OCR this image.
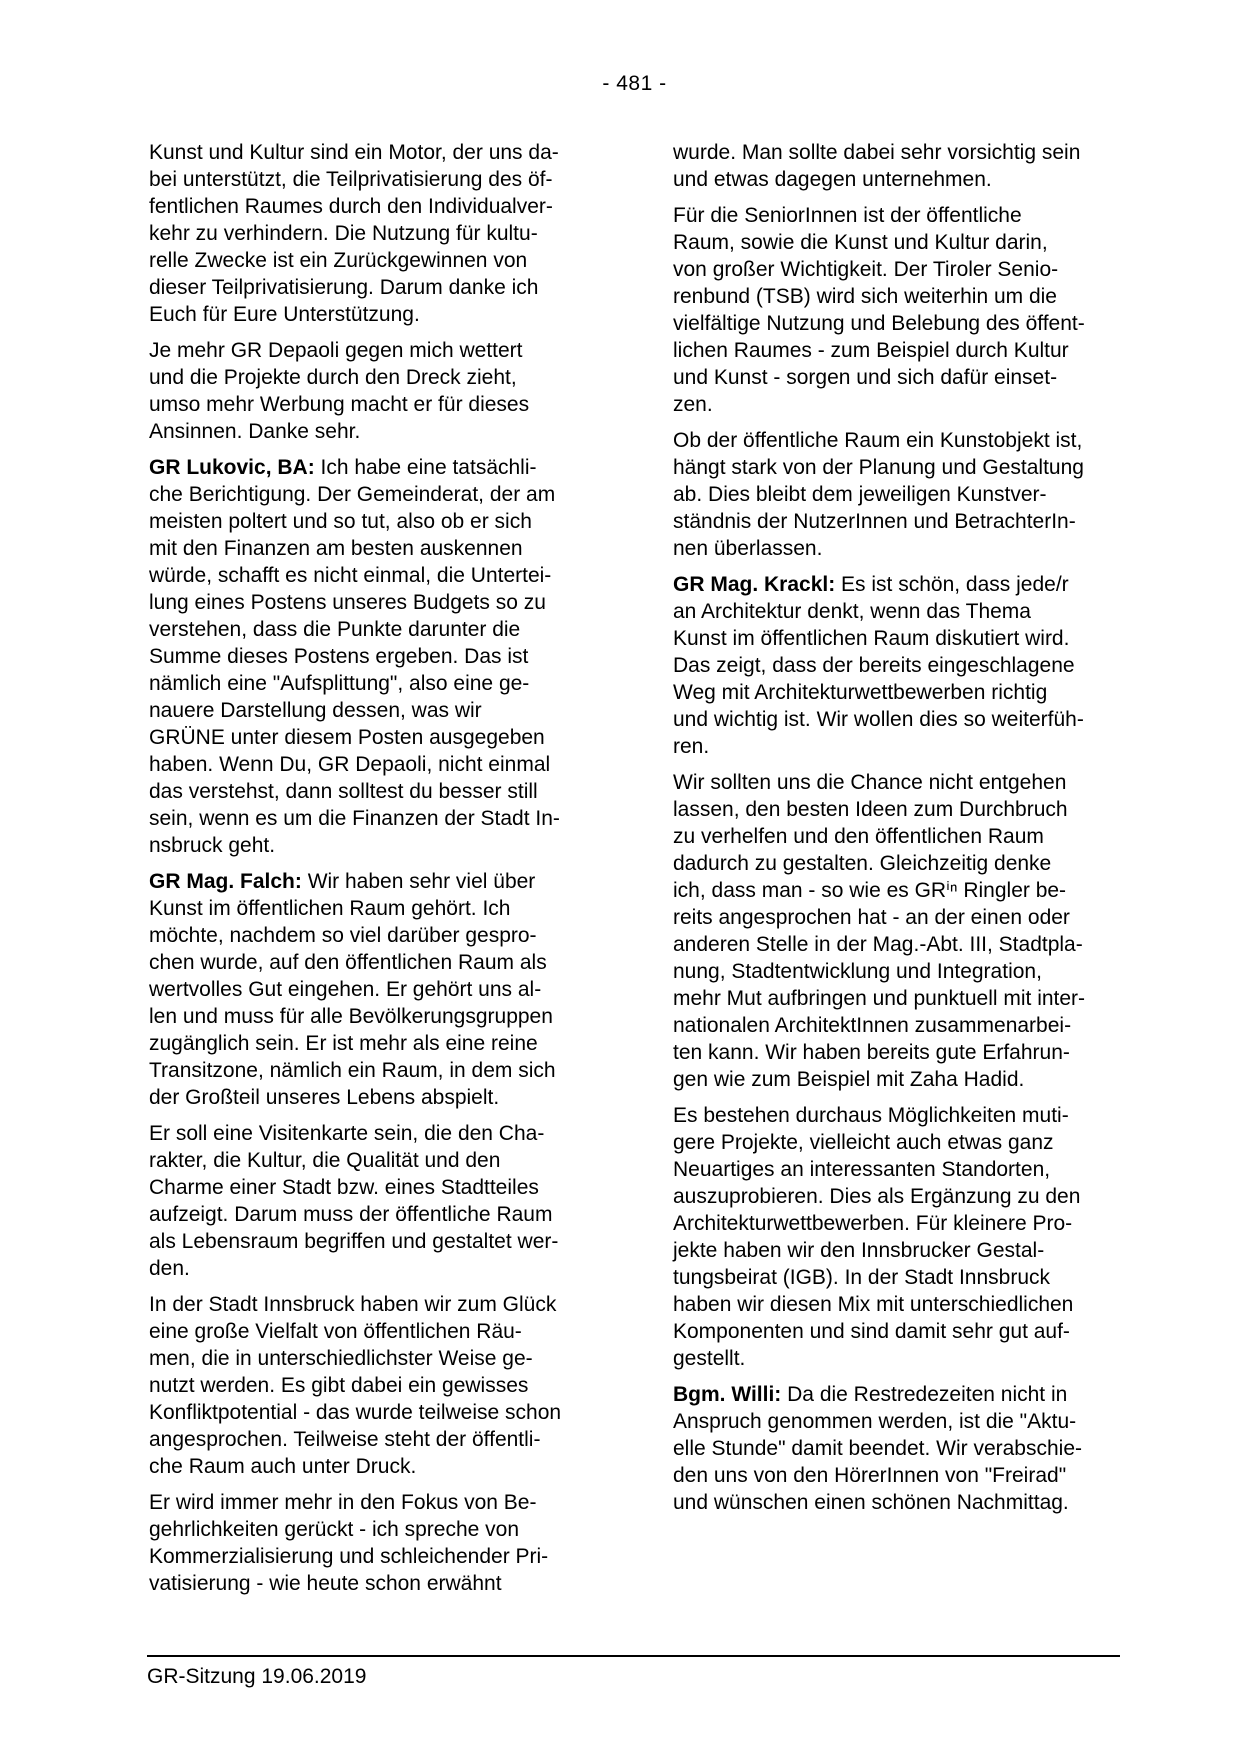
- 481 -

Kunst und Kultur sind ein Motor, der uns da-
bei unterstützt, die Teilprivatisierung des öf-
fentlichen Raumes durch den Individualver-
kehr zu verhindern. Die Nutzung für kultu-
relle Zwecke ist ein Zurückgewinnen von
dieser Teilprivatisierung. Darum danke ich
Euch für Eure Unterstützung.

Je mehr GR Depaoli gegen mich wettert
und die Projekte durch den Dreck zieht,
umso mehr Werbung macht er für dieses
Ansinnen. Danke sehr.

GR Lukovic, BA: Ich habe eine tatsächli-
che Berichtigung. Der Gemeinderat, der am
meisten poltert und so tut, also ob er sich
mit den Finanzen am besten auskennen
würde, schafft es nicht einmal, die Untertei-
lung eines Postens unseres Budgets so zu
verstehen, dass die Punkte darunter die
Summe dieses Postens ergeben. Das ist
nämlich eine "Aufsplittung", also eine ge-
nauere Darstellung dessen, was wir
GRÜNE unter diesem Posten ausgegeben
haben. Wenn Du, GR Depaoli, nicht einmal
das verstehst, dann solltest du besser still
sein, wenn es um die Finanzen der Stadt In-
nsbruck geht.

GR Mag. Falch: Wir haben sehr viel über
Kunst im öffentlichen Raum gehört. Ich
möchte, nachdem so viel darüber gespro-
chen wurde, auf den öffentlichen Raum als
wertvolles Gut eingehen. Er gehört uns al-
len und muss für alle Bevölkerungsgruppen
zugänglich sein. Er ist mehr als eine reine
Transitzone, nämlich ein Raum, in dem sich
der Großteil unseres Lebens abspielt.

Er soll eine Visitenkarte sein, die den Cha-
rakter, die Kultur, die Qualität und den
Charme einer Stadt bzw. eines Stadtteiles
aufzeigt. Darum muss der öffentliche Raum
als Lebensraum begriffen und gestaltet wer-
den.

In der Stadt Innsbruck haben wir zum Glück
eine große Vielfalt von öffentlichen Räu-
men, die in unterschiedlichster Weise ge-
nutzt werden. Es gibt dabei ein gewisses
Konfliktpotential - das wurde teilweise schon
angesprochen. Teilweise steht der öffentli-
che Raum auch unter Druck.

Er wird immer mehr in den Fokus von Be-
gehrlichkeiten gerückt - ich spreche von
Kommerzialisierung und schleichender Pri-
vatisierung - wie heute schon erwähnt

wurde. Man sollte dabei sehr vorsichtig sein
und etwas dagegen unternehmen.

Für die SeniorInnen ist der öffentliche
Raum, sowie die Kunst und Kultur darin,
von großer Wichtigkeit. Der Tiroler Senio-
renbund (TSB) wird sich weiterhin um die
vielfältige Nutzung und Belebung des öffent-
lichen Raumes - zum Beispiel durch Kultur
und Kunst - sorgen und sich dafür einset-
zen.

Ob der öffentliche Raum ein Kunstobjekt ist,
hängt stark von der Planung und Gestaltung
ab. Dies bleibt dem jeweiligen Kunstver-
ständnis der NutzerInnen und BetrachterIn-
nen überlassen.

GR Mag. Krackl: Es ist schön, dass jede/r
an Architektur denkt, wenn das Thema
Kunst im öffentlichen Raum diskutiert wird.
Das zeigt, dass der bereits eingeschlagene
Weg mit Architekturwettbewerben richtig
und wichtig ist. Wir wollen dies so weiterfüh-
ren.

Wir sollten uns die Chance nicht entgehen
lassen, den besten Ideen zum Durchbruch
zu verhelfen und den öffentlichen Raum
dadurch zu gestalten. Gleichzeitig denke
ich, dass man - so wie es GRⁱⁿ Ringler be-
reits angesprochen hat - an der einen oder
anderen Stelle in der Mag.-Abt. III, Stadtpla-
nung, Stadtentwicklung und Integration,
mehr Mut aufbringen und punktuell mit inter-
nationalen ArchitektInnen zusammenarbei-
ten kann. Wir haben bereits gute Erfahrun-
gen wie zum Beispiel mit Zaha Hadid.

Es bestehen durchaus Möglichkeiten muti-
gere Projekte, vielleicht auch etwas ganz
Neuartiges an interessanten Standorten,
auszuprobieren. Dies als Ergänzung zu den
Architekturwettbewerben. Für kleinere Pro-
jekte haben wir den Innsbrucker Gestal-
tungsbeirat (IGB). In der Stadt Innsbruck
haben wir diesen Mix mit unterschiedlichen
Komponenten und sind damit sehr gut auf-
gestellt.

Bgm. Willi: Da die Restredezeiten nicht in
Anspruch genommen werden, ist die "Aktu-
elle Stunde" damit beendet. Wir verabschie-
den uns von den HörerInnen von "Freirad"
und wünschen einen schönen Nachmittag.

GR-Sitzung 19.06.2019
